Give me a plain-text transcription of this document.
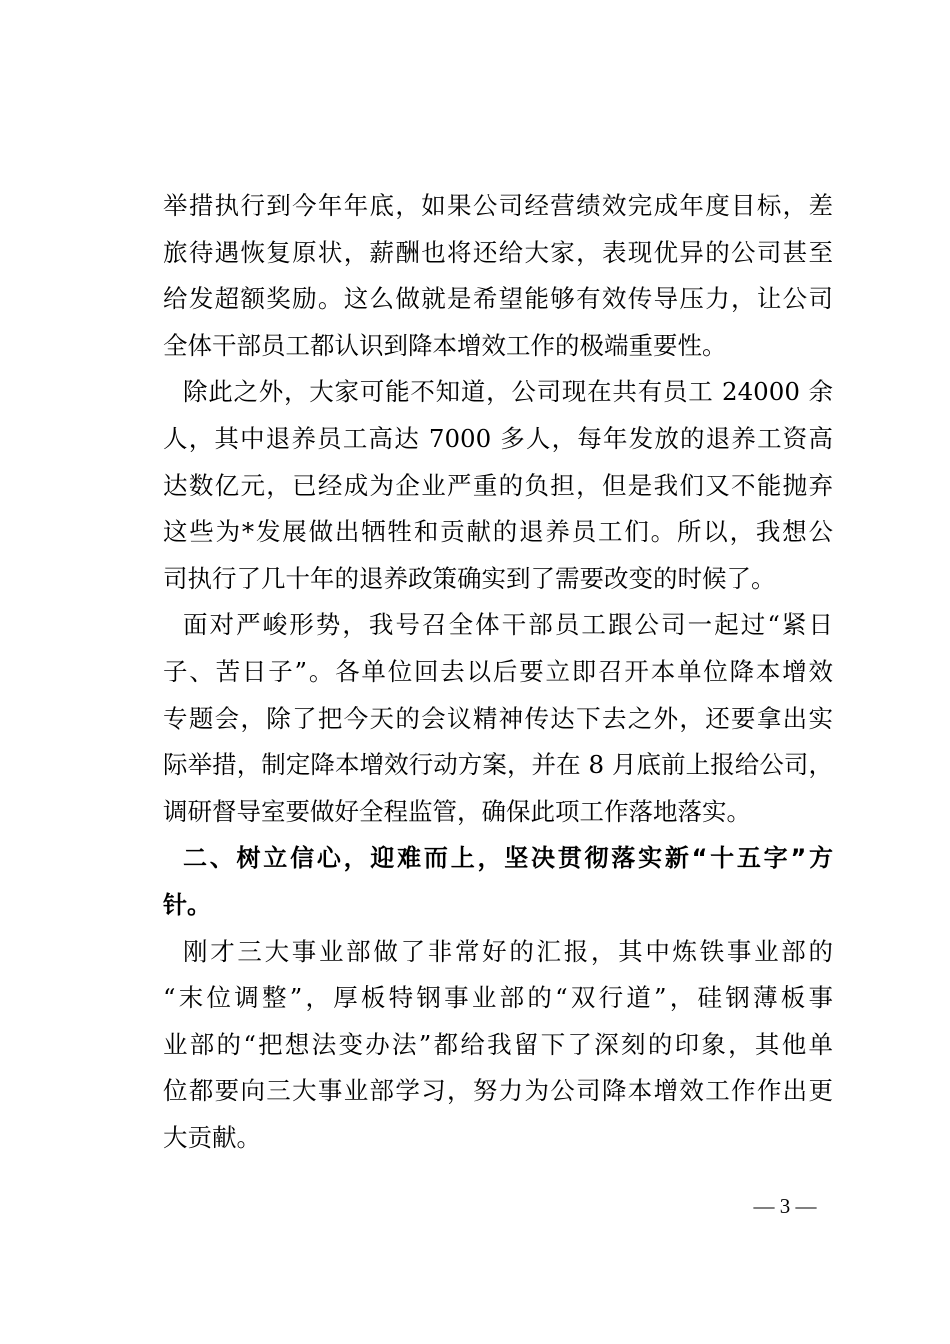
举措执行到今年年底，如果公司经营绩效完成年度目标，差
旅待遇恢复原状，薪酬也将还给大家，表现优异的公司甚至
给发超额奖励。这么做就是希望能够有效传导压力，让公司
全体干部员工都认识到降本增效工作的极端重要性。
除此之外，大家可能不知道，公司现在共有员工 24000 余
人，其中退养员工高达 7000 多人，每年发放的退养工资高
达数亿元，已经成为企业严重的负担，但是我们又不能抛弃
这些为*发展做出牺牲和贡献的退养员工们。所以，我想公
司执行了几十年的退养政策确实到了需要改变的时候了。
面对严峻形势，我号召全体干部员工跟公司一起过“紧日
子、苦日子”。各单位回去以后要立即召开本单位降本增效
专题会，除了把今天的会议精神传达下去之外，还要拿出实
际举措，制定降本增效行动方案，并在 8 月底前上报给公司，
调研督导室要做好全程监管，确保此项工作落地落实。
二、树立信心，迎难而上，坚决贯彻落实新“十五字”方
针。
刚才三大事业部做了非常好的汇报，其中炼铁事业部的
“末位调整”，厚板特钢事业部的“双行道”，硅钢薄板事
业部的“把想法变办法”都给我留下了深刻的印象，其他单
位都要向三大事业部学习，努力为公司降本增效工作作出更
大贡献。
— 3 —
